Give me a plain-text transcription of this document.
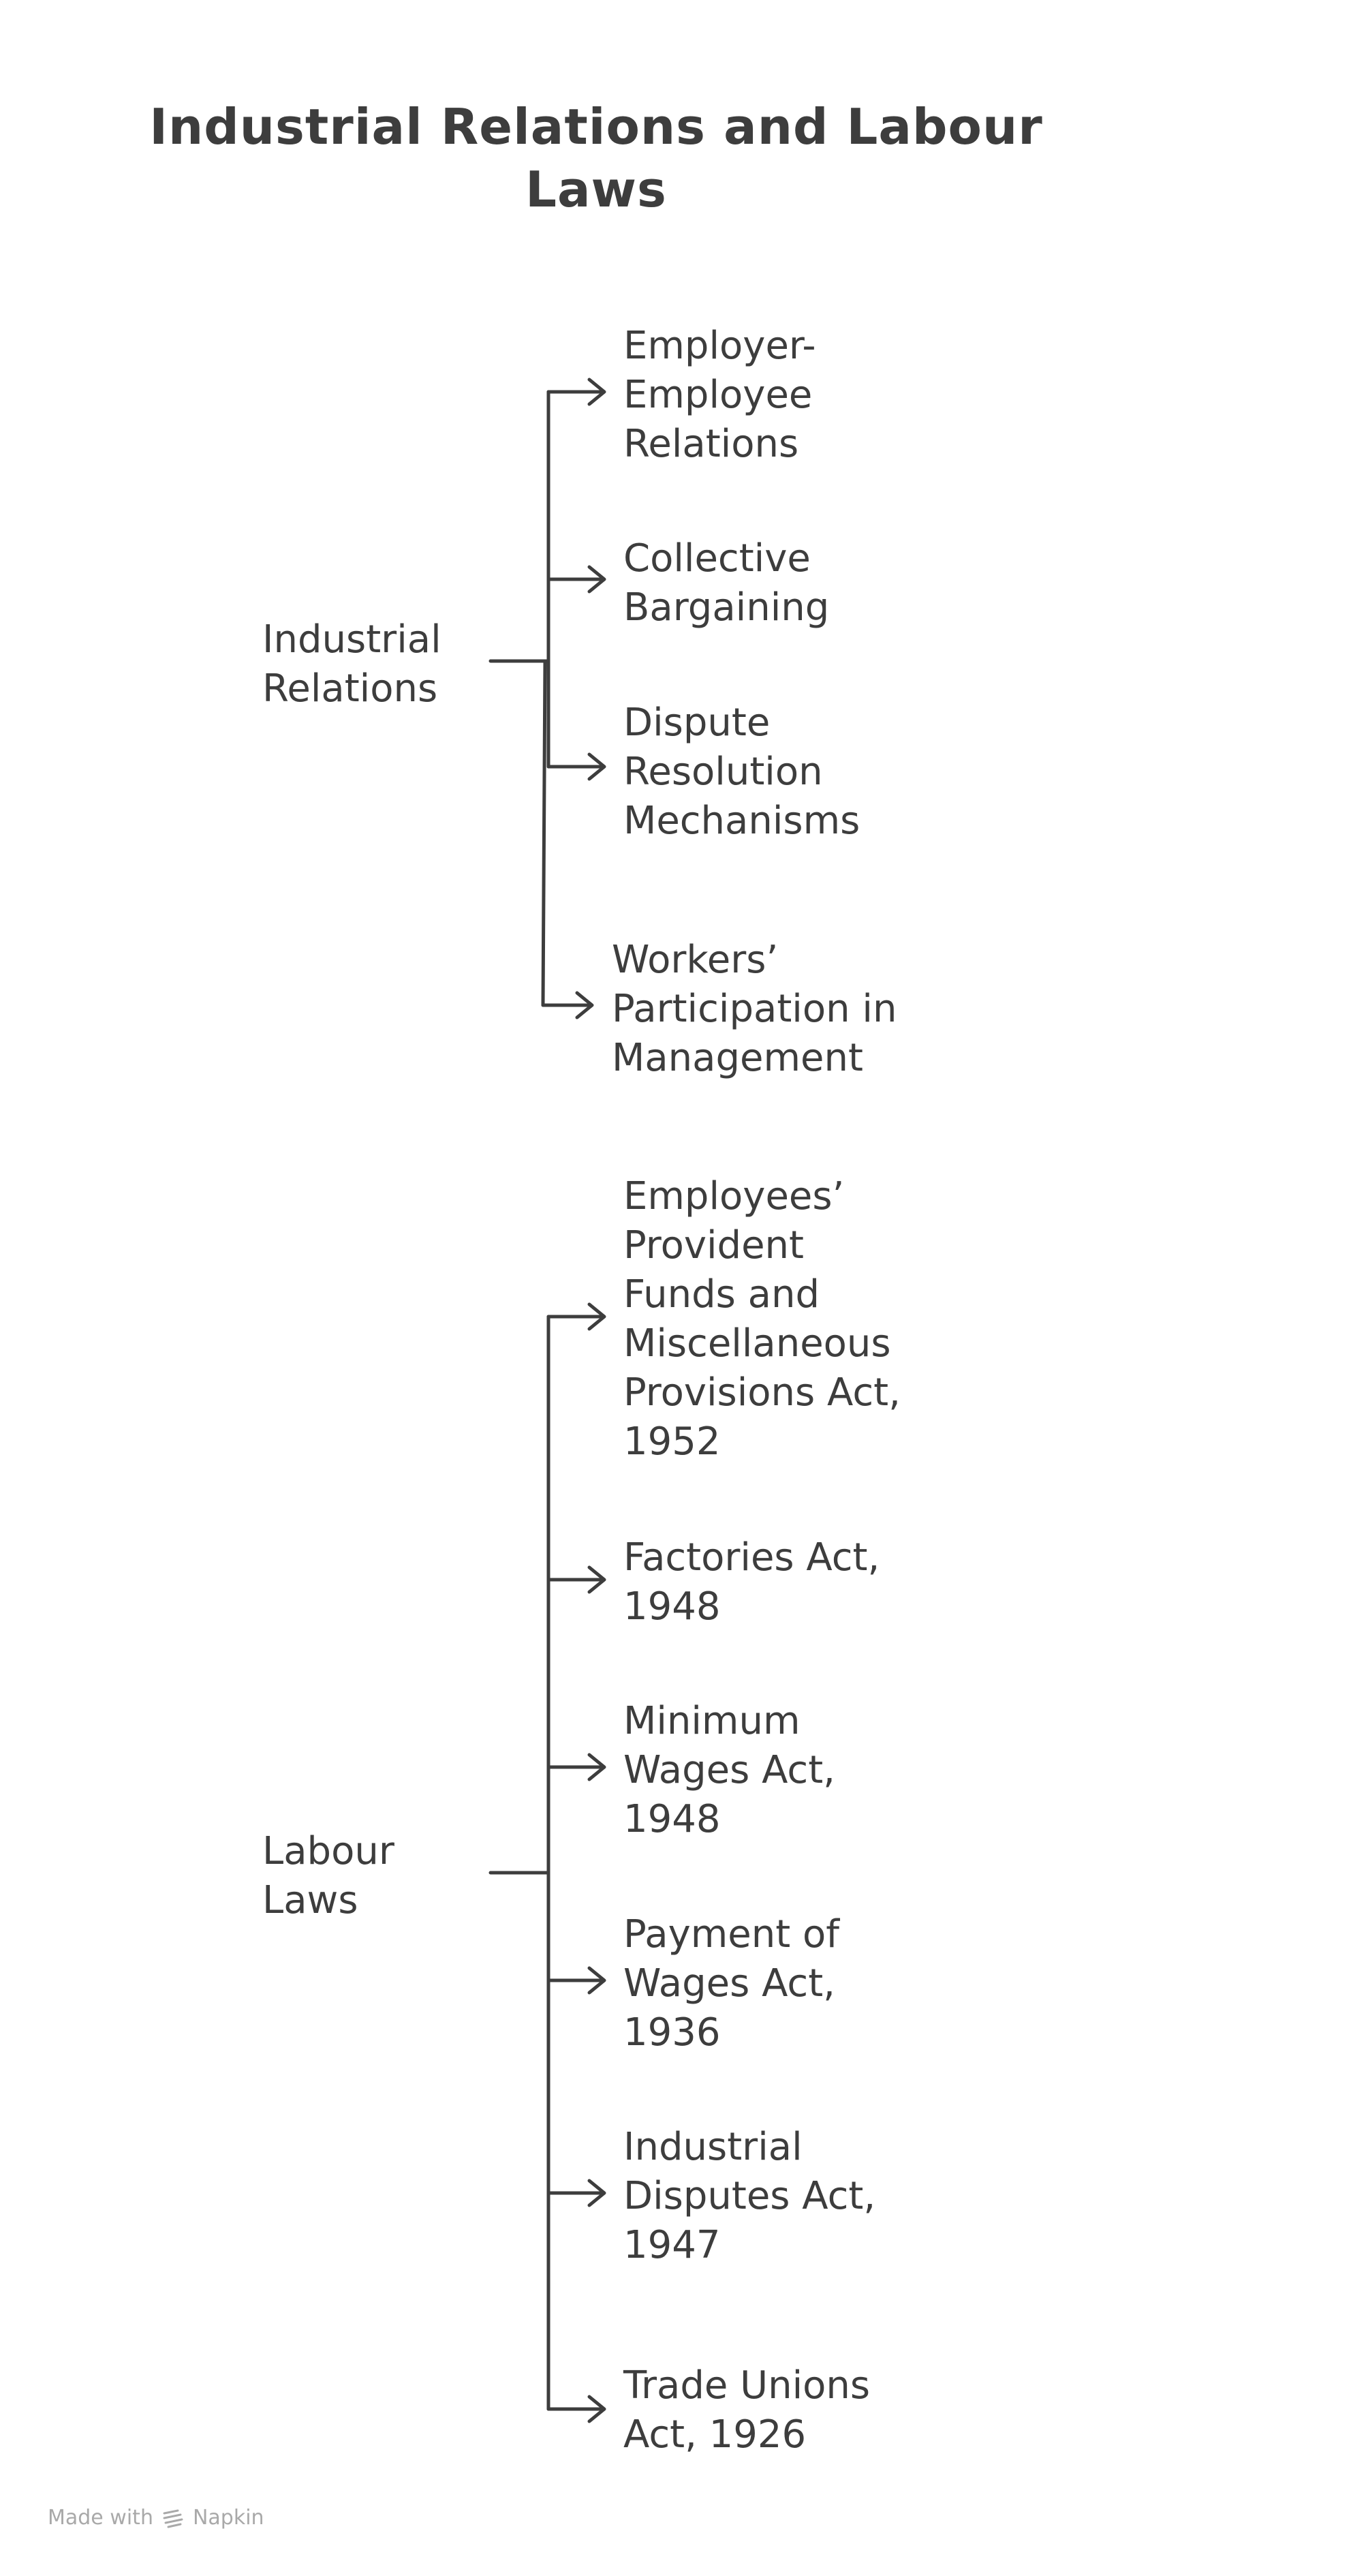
Industrial Relations and Labour Laws
Industrial
Relations
Employer-
Employee
Relations
Collective
Bargaining
Dispute
Resolution
Mechanisms
Workers’
Participation in
Management
Labour
Laws
Employees’
Provident
Funds and
Miscellaneous
Provisions Act,
1952
Factories Act,
1948
Minimum
Wages Act,
1948
Payment of
Wages Act,
1936
Industrial
Disputes Act,
1947
Trade Unions
Act, 1926
Made with Napkin
